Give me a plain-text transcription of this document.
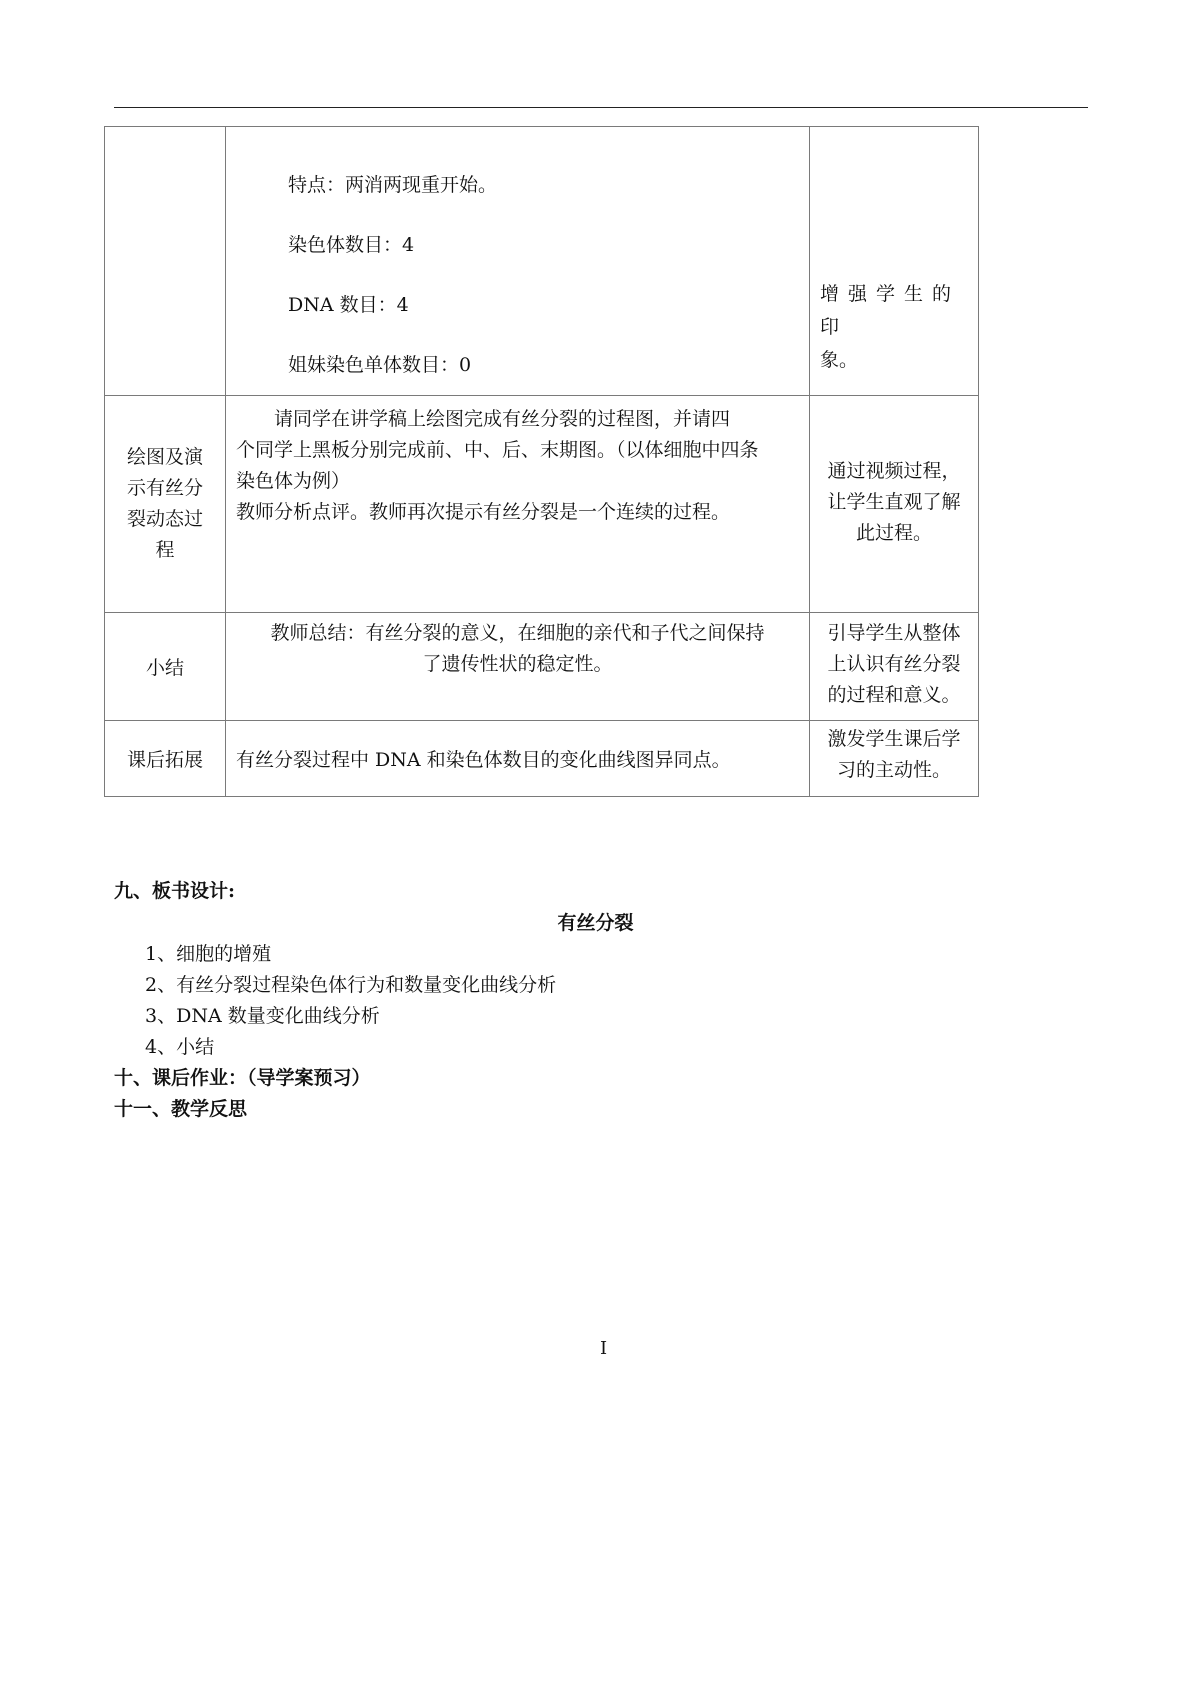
	特点：两消两现重开始。
染色体数目：4
DNA 数目：4
姐妹染色单体数目：0	增强学生的印
象。

绘图及演
示有丝分
裂动态过
程	　　请同学在讲学稿上绘图完成有丝分裂的过程图，并请四
个同学上黑板分别完成前、中、后、末期图。（以体细胞中四条
染色体为例）
教师分析点评。教师再次提示有丝分裂是一个连续的过程。	通过视频过程，
让学生直观了解
此过程。

小结	教师总结：有丝分裂的意义，在细胞的亲代和子代之间保持
了遗传性状的稳定性。	引导学生从整体
上认识有丝分裂
的过程和意义。

课后拓展	有丝分裂过程中 DNA 和染色体数目的变化曲线图异同点。	激发学生课后学
习的主动性。
九、板书设计:
有丝分裂
1、细胞的增殖
2、有丝分裂过程染色体行为和数量变化曲线分析
3、DNA 数量变化曲线分析
4、小结
十、课后作业：（导学案预习）
十一、教学反思
I
